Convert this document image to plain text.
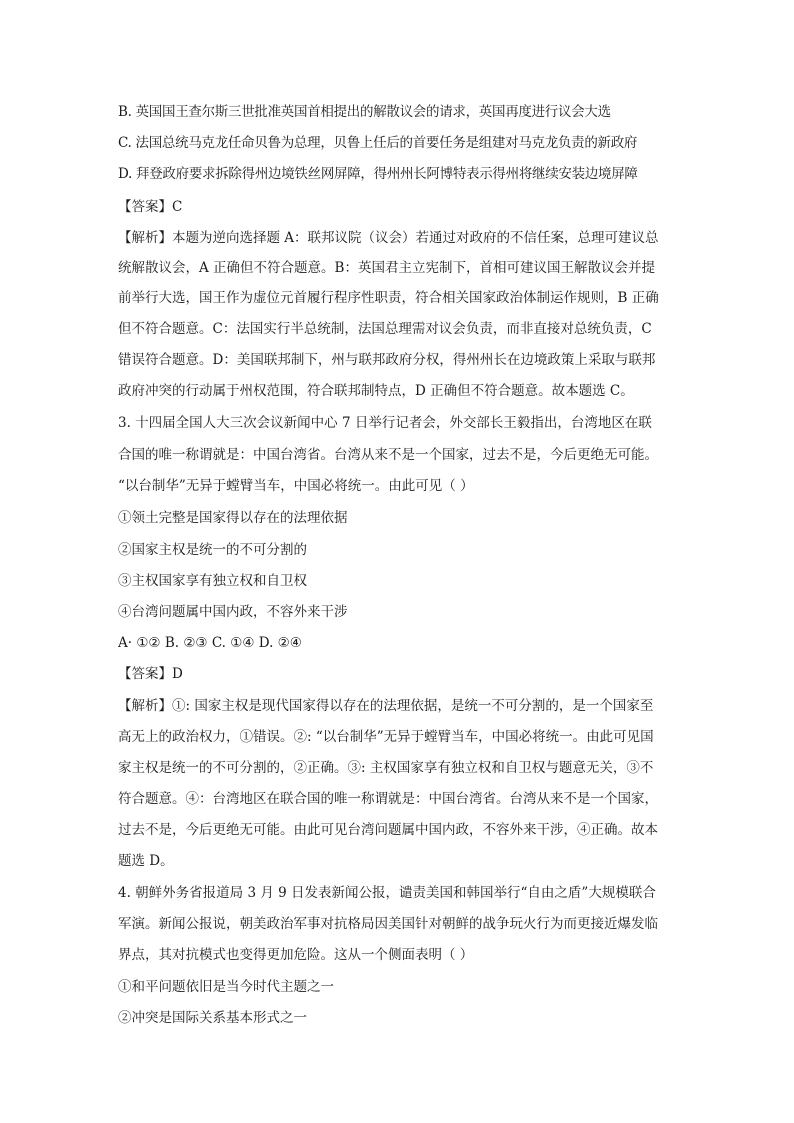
B. 英国国王查尔斯三世批准英国首相提出的解散议会的请求，英国再度进行议会大选
C. 法国总统马克龙任命贝鲁为总理，贝鲁上任后的首要任务是组建对马克龙负责的新政府
D. 拜登政府要求拆除得州边境铁丝网屏障，得州州长阿博特表示得州将继续安装边境屏障
【答案】C
【解析】本题为逆向选择题 A：联邦议院（议会）若通过对政府的不信任案，总理可建议总
统解散议会，A 正确但不符合题意。B：英国君主立宪制下，首相可建议国王解散议会并提
前举行大选，国王作为虚位元首履行程序性职责，符合相关国家政治体制运作规则，B 正确
但不符合题意。C：法国实行半总统制，法国总理需对议会负责，而非直接对总统负责，C
错误符合题意。D：美国联邦制下，州与联邦政府分权，得州州长在边境政策上采取与联邦
政府冲突的行动属于州权范围，符合联邦制特点，D 正确但不符合题意。故本题选 C。
3. 十四届全国人大三次会议新闻中心 7 日举行记者会，外交部长王毅指出，台湾地区在联
合国的唯一称谓就是：中国台湾省。台湾从来不是一个国家，过去不是，今后更绝无可能。
“以台制华”无异于螳臂当车，中国必将统一。由此可见（ ）
①领土完整是国家得以存在的法理依据
②国家主权是统一的不可分割的
③主权国家享有独立权和自卫权
④台湾问题属中国内政，不容外来干涉
A· ①② B. ②③ C. ①④ D. ②④
【答案】D
【解析】①: 国家主权是现代国家得以存在的法理依据，是统一不可分割的，是一个国家至
高无上的政治权力，①错误。②: “以台制华”无异于螳臂当车，中国必将统一。由此可见国
家主权是统一的不可分割的，②正确。③: 主权国家享有独立权和自卫权与题意无关，③不
符合题意。④：台湾地区在联合国的唯一称谓就是：中国台湾省。台湾从来不是一个国家，
过去不是，今后更绝无可能。由此可见台湾问题属中国内政，不容外来干涉，④正确。故本
题选 D。
4. 朝鲜外务省报道局 3 月 9 日发表新闻公报，谴责美国和韩国举行“自由之盾”大规模联合
军演。新闻公报说，朝美政治军事对抗格局因美国针对朝鲜的战争玩火行为而更接近爆发临
界点，其对抗模式也变得更加危险。这从一个侧面表明（ ）
①和平问题依旧是当今时代主题之一
②冲突是国际关系基本形式之一
